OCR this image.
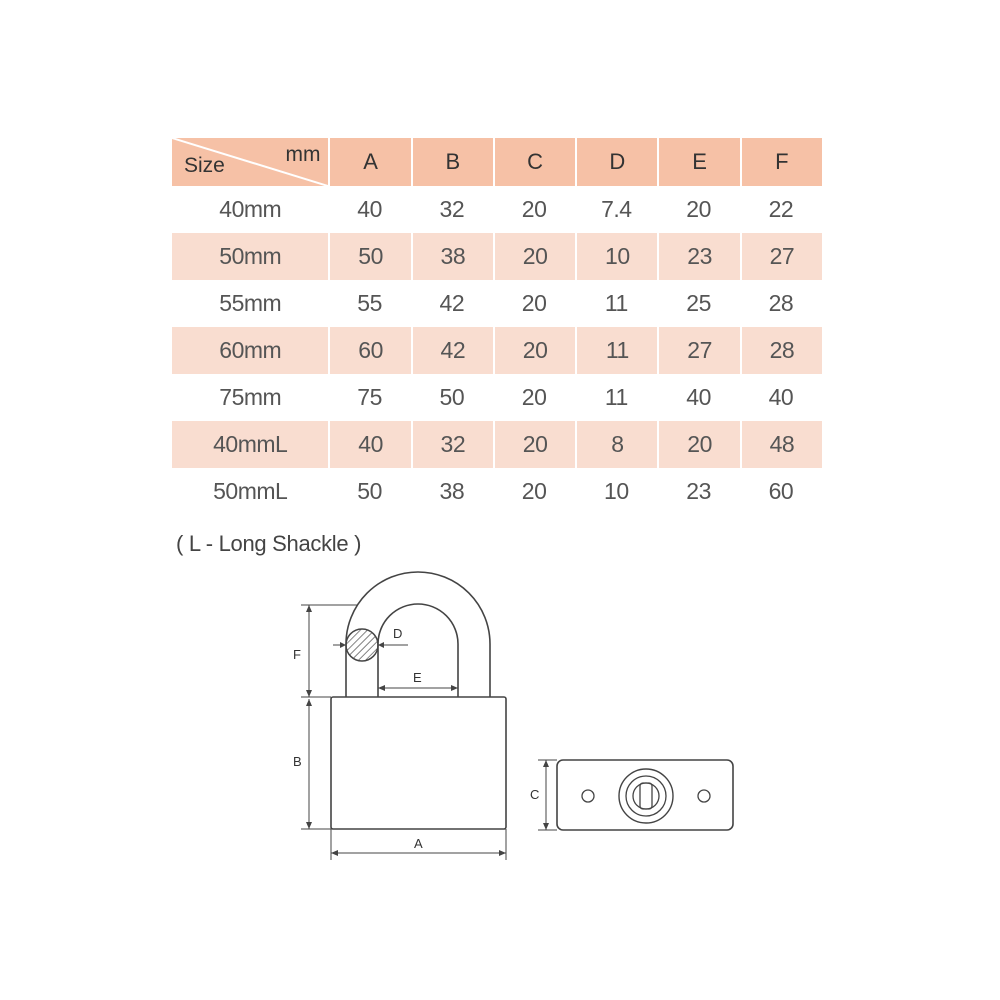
mm
Size	A	B	C	D	E	F
40mm	40	32	20	7.4	20	22
50mm	50	38	20	10	23	27
55mm	55	42	20	11	25	28
60mm	60	42	20	11	27	28
75mm	75	50	20	11	40	40
40mmL	40	32	20	8	20	48
50mmL	50	38	20	10	23	60
( L - Long Shackle )
D
E
F
B
A
C
